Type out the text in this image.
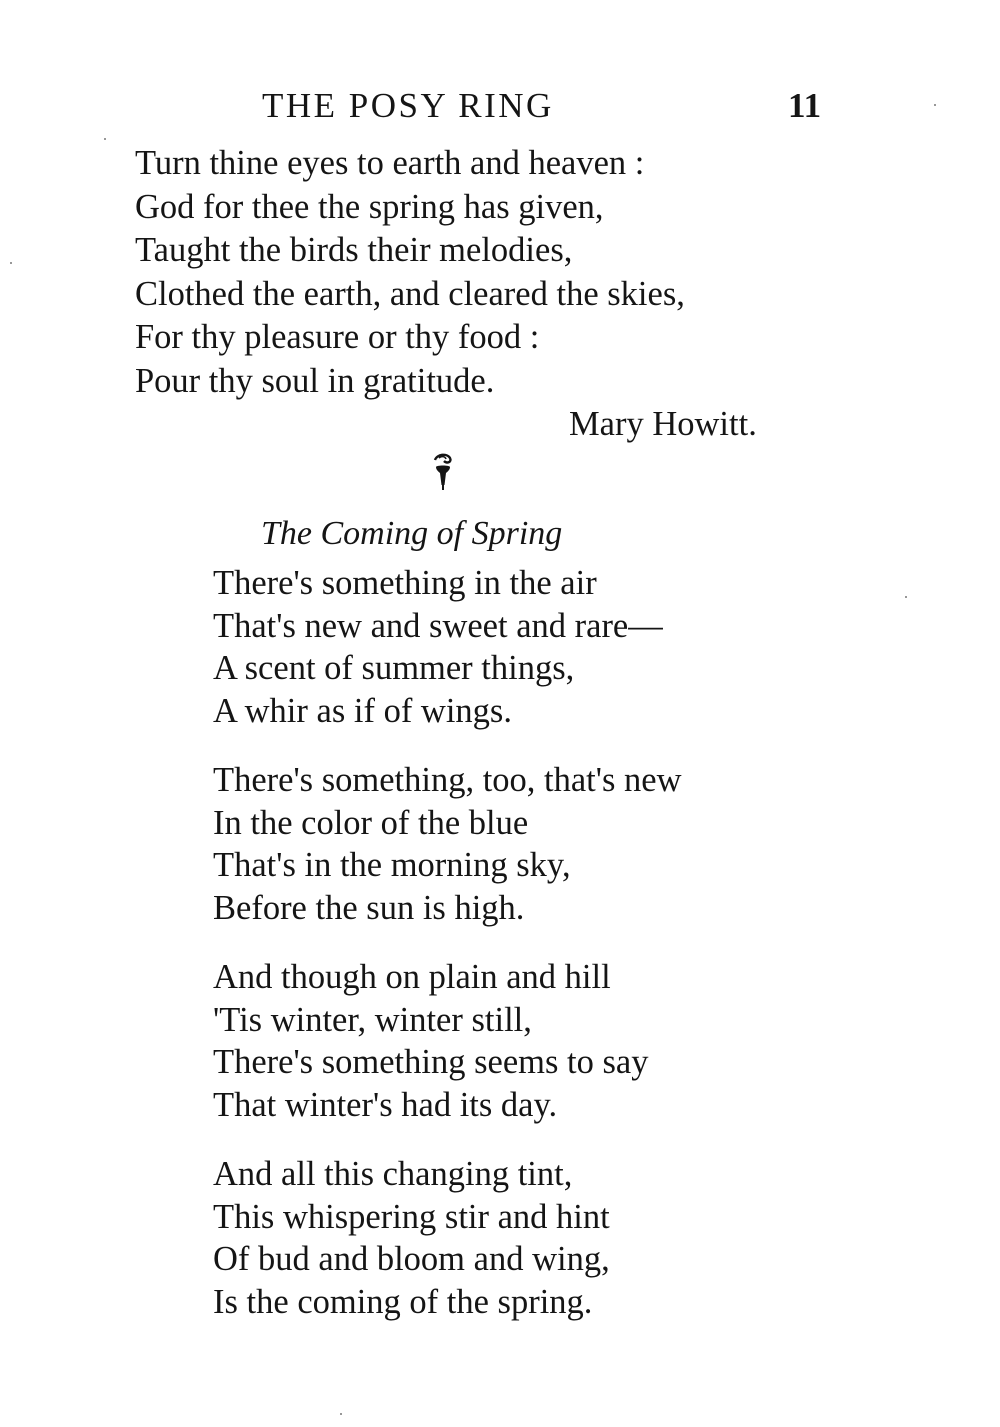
THE POSY RING	11
Turn thine eyes to earth and heaven :
God for thee the spring has given,
Taught the birds their melodies,
Clothed the earth, and cleared the skies,
For thy pleasure or thy food :
Pour thy soul in gratitude.
Mary Howitt.
The Coming of Spring
There's something in the air
That's new and sweet and rare—
A scent of summer things,
A whir as if of wings.
There's something, too, that's new
In the color of the blue
That's in the morning sky,
Before the sun is high.
And though on plain and hill
'Tis winter, winter still,
There's something seems to say
That winter's had its day.
And all this changing tint,
This whispering stir and hint
Of bud and bloom and wing,
Is the coming of the spring.
